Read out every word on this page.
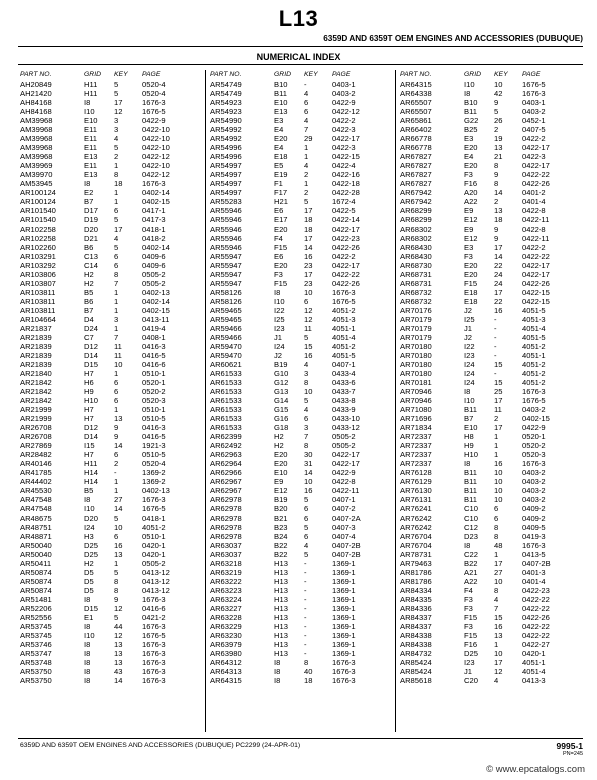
L13
6359D AND 6359T OEM ENGINES AND ACCESSORIES (DUBUQUE)
NUMERICAL INDEX
PART NO.	GRID	KEY	PAGE
AH20849	H11	5	0520-4
AH21420	H11	5	0520-4
AH84168	I8	17	1676-3
AH84168	I10	12	1676-5
AM39968	E10	3	0422-9
AM39968	E11	3	0422-10
AM39968	E11	4	0422-10
AM39968	E11	5	0422-10
AM39968	E13	2	0422-12
AM39969	E11	1	0422-10
AM39970	E13	8	0422-12
AM53945	I8	18	1676-3
AR100124	E2	1	0402-14
AR100124	B7	1	0402-15
AR101540	D17	6	0417-1
AR101540	D19	5	0417-3
AR102258	D20	17	0418-1
AR102258	D21	4	0418-2
AR102260	B6	5	0402-14
AR103291	C13	6	0409-6
AR103292	C14	6	0409-6
AR103806	H2	8	0505-2
AR103807	H2	7	0505-2
AR103811	B5	1	0402-13
AR103811	B6	1	0402-14
AR103811	B7	1	0402-15
AR104664	D4	3	0413-11
AR21837	D24	1	0419-4
AR21839	C7	7	0408-1
AR21839	D12	11	0416-3
AR21839	D14	11	0416-5
AR21839	D15	10	0416-6
AR21840	H7	1	0510-1
AR21842	H6	6	0520-1
AR21842	H9	6	0520-2
AR21842	H10	6	0520-3
AR21999	H7	1	0510-1
AR21999	H7	13	0510-5
AR26708	D12	9	0416-3
AR26708	D14	9	0416-5
AR27869	I15	14	1921-3
AR28482	H7	6	0510-5
AR40146	H11	2	0520-4
AR41785	H14	-	1369-2
AR44402	H14	1	1369-2
AR45530	B5	1	0402-13
AR47548	I8	27	1676-3
AR47548	I10	14	1676-5
AR48675	D20	5	0418-1
AR48751	I24	10	4051-2
AR48871	H3	6	0510-1
AR50040	D25	16	0420-1
AR50040	D25	13	0420-1
AR50411	H2	1	0505-2
AR50874	D5	5	0413-12
AR50874	D5	8	0413-12
AR50874	D5	8	0413-12
AR51481	I8	9	1676-3
AR52206	D15	12	0416-6
AR52556	E1	5	0421-2
AR53745	I8	44	1676-3
AR53745	I10	12	1676-5
AR53746	I8	13	1676-3
AR53747	I8	13	1676-3
AR53748	I8	13	1676-3
AR53750	I8	43	1676-3
AR53750	I8	14	1676-3
PART NO.	GRID	KEY	PAGE
AR54749	B10	-	0403-1
AR54749	B11	4	0403-2
AR54923	E10	6	0422-9
AR54923	E13	6	0422-12
AR54990	E3	4	0422-2
AR54992	E4	7	0422-3
AR54992	E20	29	0422-17
AR54996	E4	1	0422-3
AR54996	E18	1	0422-15
AR54997	E5	4	0422-4
AR54997	E19	2	0422-16
AR54997	F1	1	0422-18
AR54997	F17	2	0422-28
AR55283	H21	5	1672-4
AR55946	E6	17	0422-5
AR55946	E17	18	0422-14
AR55946	E20	18	0422-17
AR55946	F4	17	0422-23
AR55946	F15	14	0422-26
AR55947	E6	16	0422-2
AR55947	E20	23	0422-17
AR55947	F3	17	0422-22
AR55947	F15	23	0422-26
AR58126	I8	10	1676-3
AR58126	I10	6	1676-5
AR59465	I22	12	4051-2
AR59465	I25	12	4051-3
AR59466	I23	11	4051-1
AR59466	J1	5	4051-4
AR59470	I24	15	4051-2
AR59470	J2	16	4051-5
AR60621	B19	4	0407-1
AR61533	G10	3	0433-4
AR61533	G12	8	0433-6
AR61533	G13	10	0433-7
AR61533	G14	5	0433-8
AR61533	G15	4	0433-9
AR61533	G16	6	0433-10
AR61533	G18	3	0433-12
AR62399	H2	7	0505-2
AR62492	H2	8	0505-2
AR62963	E20	30	0422-17
AR62964	E20	31	0422-17
AR62966	E10	14	0422-9
AR62967	E9	10	0422-8
AR62967	E12	16	0422-11
AR62978	B19	5	0407-1
AR62978	B20	6	0407-2
AR62978	B21	6	0407-2A
AR62978	B23	5	0407-3
AR62978	B24	6	0407-4
AR63037	B22	4	0407-2B
AR63037	B22	5	0407-2B
AR63218	H13	-	1369-1
AR63219	H13	-	1369-1
AR63222	H13	-	1369-1
AR63223	H13	-	1369-1
AR63224	H13	-	1369-1
AR63227	H13	-	1369-1
AR63228	H13	-	1369-1
AR63229	H13	-	1369-1
AR63230	H13	-	1369-1
AR63979	H13	-	1369-1
AR63980	H13	-	1369-1
AR64312	I8	8	1676-3
AR64313	I8	40	1676-3
AR64315	I8	18	1676-3
PART NO.	GRID	KEY	PAGE
AR64315	I10	10	1676-5
AR64338	I8	42	1676-3
AR65507	B10	9	0403-1
AR65507	B11	5	0403-2
AR65861	G22	26	0452-1
AR66402	B25	2	0407-5
AR66778	E3	19	0422-2
AR66778	E20	13	0422-17
AR67827	E4	21	0422-3
AR67827	E20	8	0422-17
AR67827	F3	9	0422-22
AR67827	F16	8	0422-26
AR67942	A20	14	0401-2
AR67942	A22	2	0401-4
AR68299	E9	13	0422-8
AR68299	E12	18	0422-11
AR68302	E9	9	0422-8
AR68302	E12	9	0422-11
AR68430	E3	17	0422-2
AR68430	F3	14	0422-22
AR68730	E20	22	0422-17
AR68731	E20	24	0422-17
AR68731	F15	24	0422-26
AR68732	E18	17	0422-15
AR68732	E18	22	0422-15
AR70176	J2	16	4051-5
AR70179	I25	-	4051-3
AR70179	J1	-	4051-4
AR70179	J2	-	4051-5
AR70180	I22	-	4051-2
AR70180	I23	-	4051-1
AR70180	I24	15	4051-2
AR70180	I24	-	4051-2
AR70181	I24	15	4051-2
AR70946	I8	25	1676-3
AR70946	I10	17	1676-5
AR71080	B11	11	0403-2
AR71696	B7	2	0402-15
AR71834	E10	17	0422-9
AR72337	H8	1	0520-1
AR72337	H9	1	0520-2
AR72337	H10	1	0520-3
AR72337	I8	16	1676-3
AR76128	B11	10	0403-2
AR76129	B11	10	0403-2
AR76130	B11	10	0403-2
AR76131	B11	10	0403-2
AR76241	C10	6	0409-2
AR76242	C10	6	0409-2
AR76242	C12	8	0409-5
AR76704	D23	8	0419-3
AR76704	I8	48	1676-3
AR78731	C22	1	0413-5
AR79463	B22	17	0407-2B
AR81786	A21	27	0401-3
AR81786	A22	10	0401-4
AR84334	F4	8	0422-23
AR84335	F3	4	0422-22
AR84336	F3	7	0422-22
AR84337	F15	15	0422-26
AR84337	F3	16	0422-22
AR84338	F15	13	0422-22
AR84338	F16	1	0422-27
AR84732	D25	10	0420-1
AR85424	I23	17	4051-1
AR85424	J1	12	4051-4
AR85618	C20	4	0413-3
6359D AND 6359T OEM ENGINES AND ACCESSORIES (DUBUQUE) PC2299 (24-APR-01)	9995-1
PN=245
© www.epcatalogs.com
